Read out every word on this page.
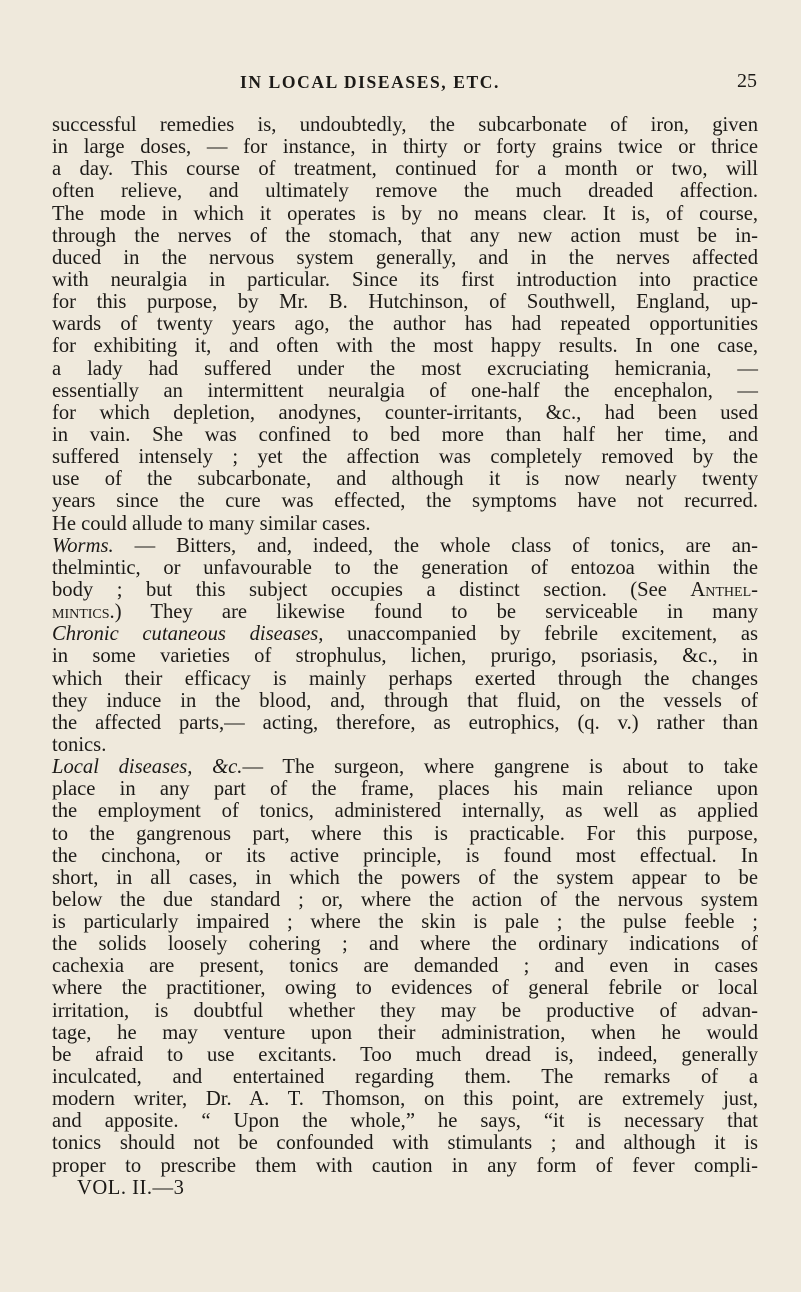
IN LOCAL DISEASES, ETC.	25
successful remedies is, undoubtedly, the subcarbonate of iron, given
in large doses, — for instance, in thirty or forty grains twice or thrice
a day. This course of treatment, continued for a month or two, will
often relieve, and ultimately remove the much dreaded affection.
The mode in which it operates is by no means clear. It is, of course,
through the nerves of the stomach, that any new action must be in-
duced in the nervous system generally, and in the nerves affected
with neuralgia in particular. Since its first introduction into practice
for this purpose, by Mr. B. Hutchinson, of Southwell, England, up-
wards of twenty years ago, the author has had repeated opportunities
for exhibiting it, and often with the most happy results. In one case,
a lady had suffered under the most excruciating hemicrania, —
essentially an intermittent neuralgia of one-half the encephalon, —
for which depletion, anodynes, counter-irritants, &c., had been used
in vain. She was confined to bed more than half her time, and
suffered intensely ; yet the affection was completely removed by the
use of the subcarbonate, and although it is now nearly twenty
years since the cure was effected, the symptoms have not recurred.
He could allude to many similar cases.
Worms. — Bitters, and, indeed, the whole class of tonics, are an-
thelmintic, or unfavourable to the generation of entozoa within the
body ; but this subject occupies a distinct section. (See Anthel-
mintics.) They are likewise found to be serviceable in many
Chronic cutaneous diseases, unaccompanied by febrile excitement, as
in some varieties of strophulus, lichen, prurigo, psoriasis, &c., in
which their efficacy is mainly perhaps exerted through the changes
they induce in the blood, and, through that fluid, on the vessels of
the affected parts,— acting, therefore, as eutrophics, (q. v.) rather than
tonics.
Local diseases, &c.— The surgeon, where gangrene is about to take
place in any part of the frame, places his main reliance upon
the employment of tonics, administered internally, as well as applied
to the gangrenous part, where this is practicable. For this purpose,
the cinchona, or its active principle, is found most effectual. In
short, in all cases, in which the powers of the system appear to be
below the due standard ; or, where the action of the nervous system
is particularly impaired ; where the skin is pale ; the pulse feeble ;
the solids loosely cohering ; and where the ordinary indications of
cachexia are present, tonics are demanded ; and even in cases
where the practitioner, owing to evidences of general febrile or local
irritation, is doubtful whether they may be productive of advan-
tage, he may venture upon their administration, when he would
be afraid to use excitants. Too much dread is, indeed, generally
inculcated, and entertained regarding them. The remarks of a
modern writer, Dr. A. T. Thomson, on this point, are extremely just,
and apposite. “ Upon the whole,” he says, “it is necessary that
tonics should not be confounded with stimulants ; and although it is
proper to prescribe them with caution in any form of fever compli-
VOL. II.—3
